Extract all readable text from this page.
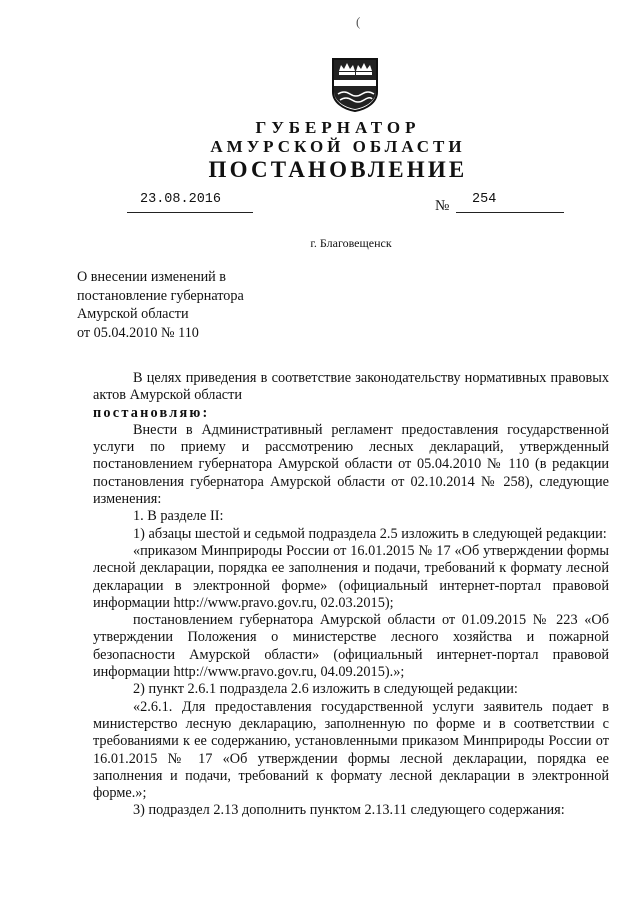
(
ГУБЕРНАТОР
АМУРСКОЙ ОБЛАСТИ
ПОСТАНОВЛЕНИЕ
23.08.2016	№ 254
г. Благовещенск
О внесении изменений в
постановление губернатора
Амурской области
от 05.04.2010 № 110

В целях приведения в соответствие законодательству нормативных правовых актов Амурской области

постановляю:

Внести в Административный регламент предоставления государственной услуги по приему и рассмотрению лесных деклараций, утвержденный постановлением губернатора Амурской области от 05.04.2010 № 110 (в редакции постановления губернатора Амурской области от 02.10.2014 № 258), следующие изменения:

1. В разделе II:

1) абзацы шестой и седьмой подраздела 2.5 изложить в следующей редакции:

«приказом Минприроды России от 16.01.2015 № 17 «Об утверждении формы лесной декларации, порядка ее заполнения и подачи, требований к формату лесной декларации в электронной форме» (официальный интернет-портал правовой информации http://www.pravo.gov.ru, 02.03.2015);

постановлением губернатора Амурской области от 01.09.2015 № 223 «Об утверждении Положения о министерстве лесного хозяйства и пожарной безопасности Амурской области» (официальный интернет-портал правовой информации http://www.pravo.gov.ru, 04.09.2015).»;

2) пункт 2.6.1 подраздела 2.6 изложить в следующей редакции:

«2.6.1. Для предоставления государственной услуги заявитель подает в министерство лесную декларацию, заполненную по форме и в соответствии с требованиями к ее содержанию, установленными приказом Минприроды России от 16.01.2015 № 17 «Об утверждении формы лесной декларации, порядка ее заполнения и подачи, требований к формату лесной декларации в электронной форме.»;

3) подраздел 2.13 дополнить пунктом 2.13.11 следующего содержания:
